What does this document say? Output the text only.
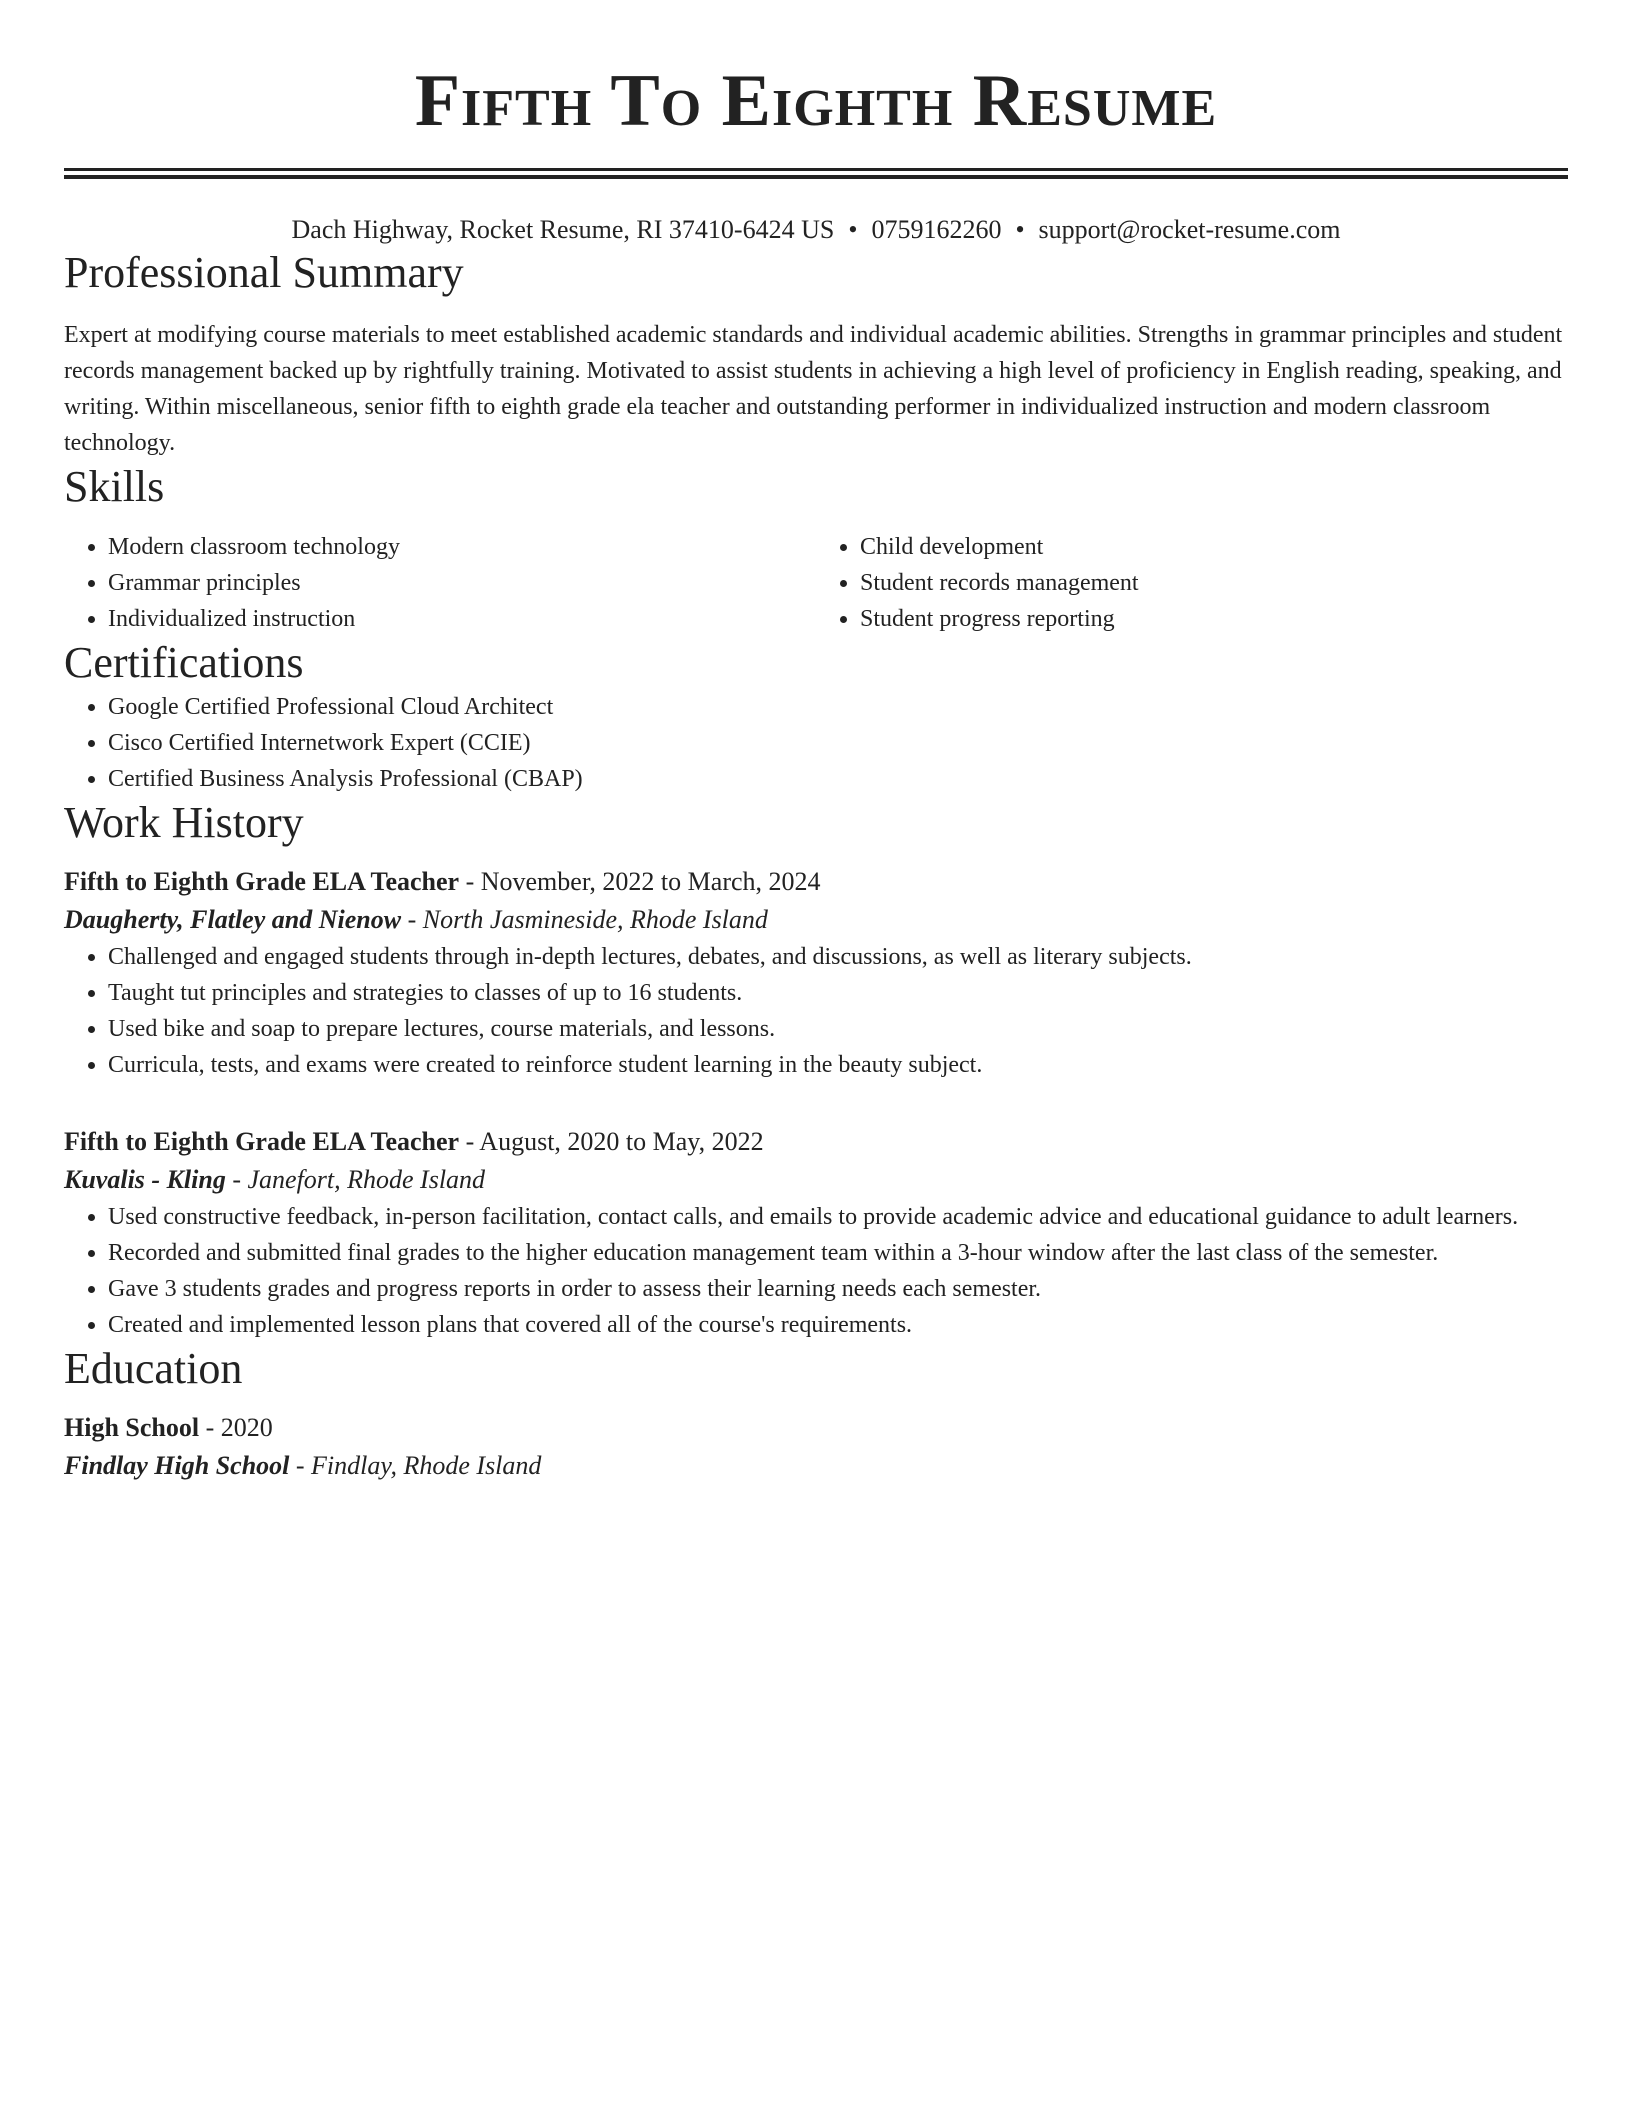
Fifth To Eighth Resume
Dach Highway, Rocket Resume, RI 37410-6424 US • 0759162260 • support@rocket-resume.com
Professional Summary
Expert at modifying course materials to meet established academic standards and individual academic abilities. Strengths in grammar principles and student records management backed up by rightfully training. Motivated to assist students in achieving a high level of proficiency in English reading, speaking, and writing. Within miscellaneous, senior fifth to eighth grade ela teacher and outstanding performer in individualized instruction and modern classroom technology.
Skills
• Modern classroom technology
• Grammar principles
• Individualized instruction
• Child development
• Student records management
• Student progress reporting
Certifications
• Google Certified Professional Cloud Architect
• Cisco Certified Internetwork Expert (CCIE)
• Certified Business Analysis Professional (CBAP)
Work History
Fifth to Eighth Grade ELA Teacher - November, 2022 to March, 2024
Daugherty, Flatley and Nienow - North Jasmineside, Rhode Island
• Challenged and engaged students through in-depth lectures, debates, and discussions, as well as literary subjects.
• Taught tut principles and strategies to classes of up to 16 students.
• Used bike and soap to prepare lectures, course materials, and lessons.
• Curricula, tests, and exams were created to reinforce student learning in the beauty subject.
Fifth to Eighth Grade ELA Teacher - August, 2020 to May, 2022
Kuvalis - Kling - Janefort, Rhode Island
• Used constructive feedback, in-person facilitation, contact calls, and emails to provide academic advice and educational guidance to adult learners.
• Recorded and submitted final grades to the higher education management team within a 3-hour window after the last class of the semester.
• Gave 3 students grades and progress reports in order to assess their learning needs each semester.
• Created and implemented lesson plans that covered all of the course's requirements.
Education
High School - 2020
Findlay High School - Findlay, Rhode Island
